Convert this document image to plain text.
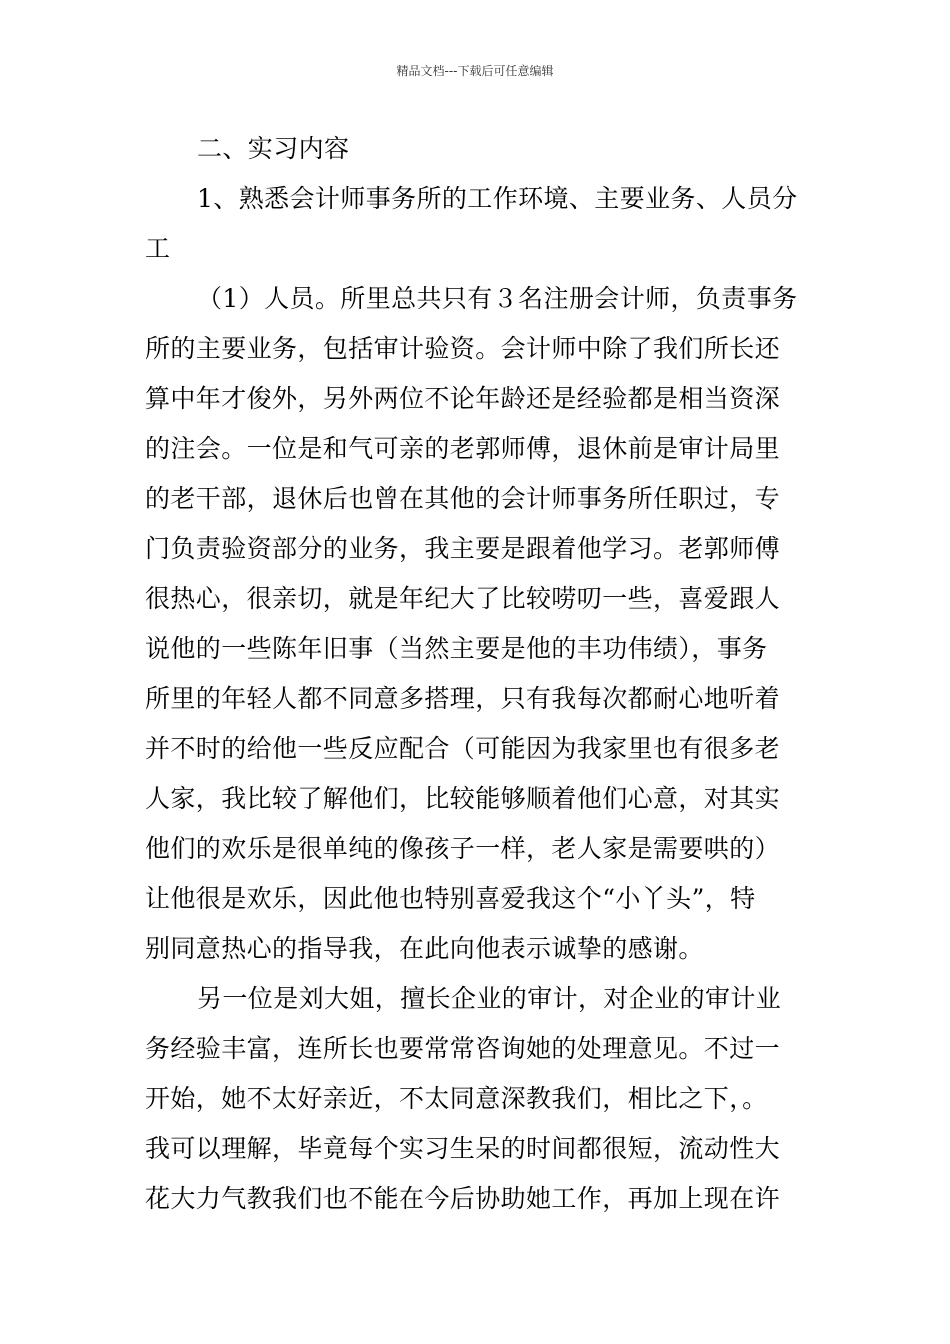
精品文档---下载后可任意编辑
二、实习内容
1、熟悉会计师事务所的工作环境、主要业务、人员分
工
（1）人员。所里总共只有３名注册会计师，负责事务
所的主要业务，包括审计验资。会计师中除了我们所长还
算中年才俊外，另外两位不论年龄还是经验都是相当资深
的注会。一位是和气可亲的老郭师傅，退休前是审计局里
的老干部，退休后也曾在其他的会计师事务所任职过，专
门负责验资部分的业务，我主要是跟着他学习。老郭师傅
很热心，很亲切，就是年纪大了比较唠叨一些，喜爱跟人
说他的一些陈年旧事（当然主要是他的丰功伟绩），事务
所里的年轻人都不同意多搭理，只有我每次都耐心地听着
并不时的给他一些反应配合（可能因为我家里也有很多老
人家，我比较了解他们，比较能够顺着他们心意，对其实
他们的欢乐是很单纯的像孩子一样，老人家是需要哄的）
让他很是欢乐，因此他也特别喜爱我这个“小丫头”，特
别同意热心的指导我，在此向他表示诚挚的感谢。
另一位是刘大姐，擅长企业的审计，对企业的审计业
务经验丰富，连所长也要常常咨询她的处理意见。不过一
开始，她不太好亲近，不太同意深教我们，相比之下，。
我可以理解，毕竟每个实习生呆的时间都很短，流动性大
花大力气教我们也不能在今后协助她工作，再加上现在许
